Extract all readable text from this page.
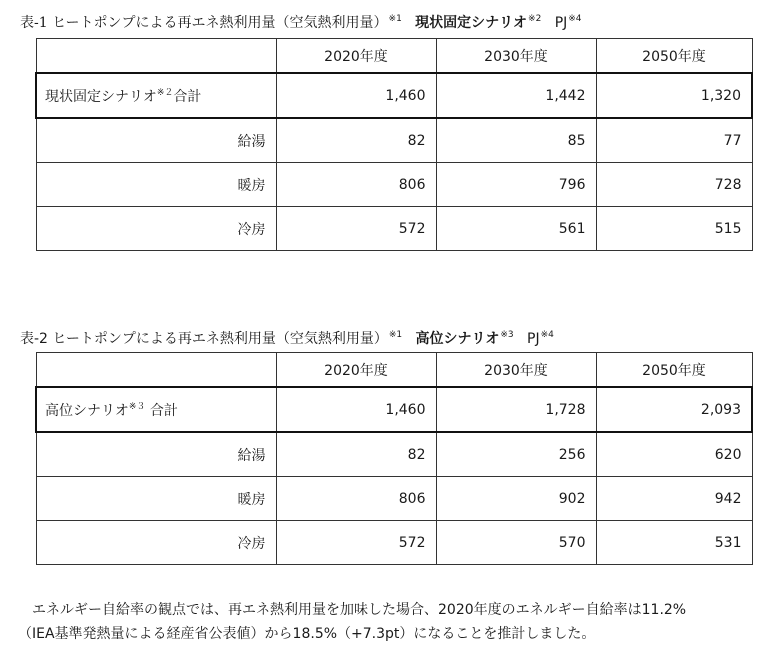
表-1 ヒートポンプによる再エネ熱利用量（空気熱利用量）$^{※1}$ 現状固定シナリオ$^{※2}$ PJ$^{※4}$
	2020年度	2030年度	2050年度
現状固定シナリオ$^{※2}$合計	1,460	1,442	1,320
給湯	82	85	77
暖房	806	796	728
冷房	572	561	515
表-2 ヒートポンプによる再エネ熱利用量（空気熱利用量）$^{※1}$ 高位シナリオ$^{※3}$ PJ$^{※4}$
	2020年度	2030年度	2050年度
高位シナリオ$^{※3}$ 合計	1,460	1,728	2,093
給湯	82	256	620
暖房	806	902	942
冷房	572	570	531

エネルギー自給率の観点では、再エネ熱利用量を加味した場合、2020年度のエネルギー自給率は11.2%

（IEA基準発熱量による経産省公表値）から18.5%（+7.3pt）になることを推計しました。
